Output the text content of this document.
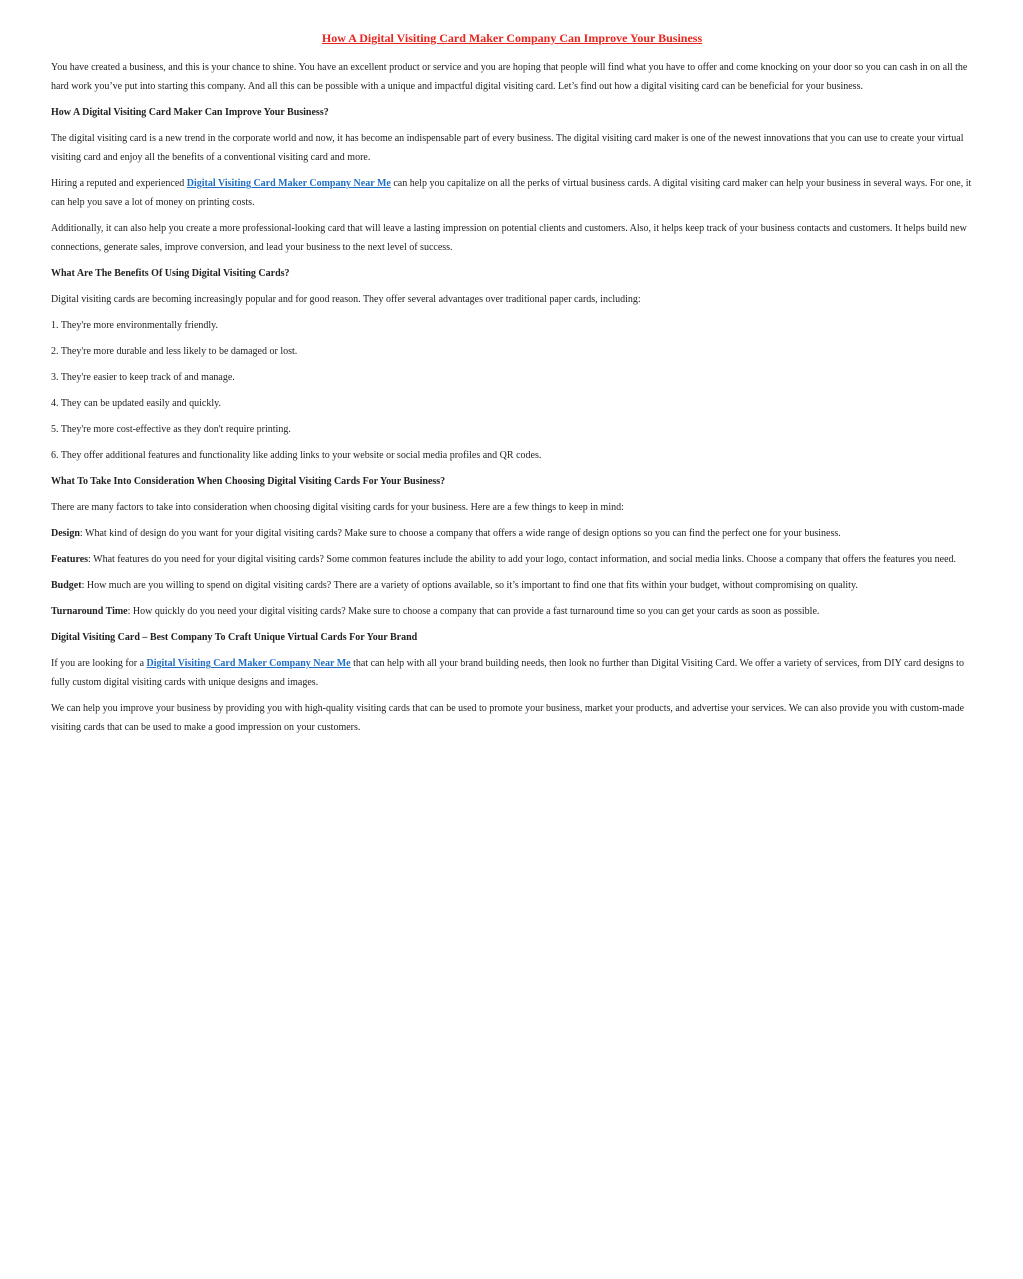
How A Digital Visiting Card Maker Company Can Improve Your Business

You have created a business, and this is your chance to shine. You have an excellent product or service and you are hoping that people will find what you have to offer and come knocking on your door so you can cash in on all the hard work you’ve put into starting this company. And all this can be possible with a unique and impactful digital visiting card. Let’s find out how a digital visiting card can be beneficial for your business.

How A Digital Visiting Card Maker Can Improve Your Business?

The digital visiting card is a new trend in the corporate world and now, it has become an indispensable part of every business. The digital visiting card maker is one of the newest innovations that you can use to create your virtual visiting card and enjoy all the benefits of a conventional visiting card and more.

Hiring a reputed and experienced Digital Visiting Card Maker Company Near Me can help you capitalize on all the perks of virtual business cards. A digital visiting card maker can help your business in several ways. For one, it can help you save a lot of money on printing costs.

Additionally, it can also help you create a more professional-looking card that will leave a lasting impression on potential clients and customers. Also, it helps keep track of your business contacts and customers. It helps build new connections, generate sales, improve conversion, and lead your business to the next level of success.

What Are The Benefits Of Using Digital Visiting Cards?

Digital visiting cards are becoming increasingly popular and for good reason. They offer several advantages over traditional paper cards, including:

1. They're more environmentally friendly.

2. They're more durable and less likely to be damaged or lost.

3. They're easier to keep track of and manage.

4. They can be updated easily and quickly.

5. They're more cost-effective as they don't require printing.

6. They offer additional features and functionality like adding links to your website or social media profiles and QR codes.

What To Take Into Consideration When Choosing Digital Visiting Cards For Your Business?

There are many factors to take into consideration when choosing digital visiting cards for your business. Here are a few things to keep in mind:

Design: What kind of design do you want for your digital visiting cards? Make sure to choose a company that offers a wide range of design options so you can find the perfect one for your business.

Features: What features do you need for your digital visiting cards? Some common features include the ability to add your logo, contact information, and social media links. Choose a company that offers the features you need.

Budget: How much are you willing to spend on digital visiting cards? There are a variety of options available, so it’s important to find one that fits within your budget, without compromising on quality.

Turnaround Time: How quickly do you need your digital visiting cards? Make sure to choose a company that can provide a fast turnaround time so you can get your cards as soon as possible.

Digital Visiting Card – Best Company To Craft Unique Virtual Cards For Your Brand

If you are looking for a Digital Visiting Card Maker Company Near Me that can help with all your brand building needs, then look no further than Digital Visiting Card. We offer a variety of services, from DIY card designs to fully custom digital visiting cards with unique designs and images.

We can help you improve your business by providing you with high-quality visiting cards that can be used to promote your business, market your products, and advertise your services. We can also provide you with custom-made visiting cards that can be used to make a good impression on your customers.
